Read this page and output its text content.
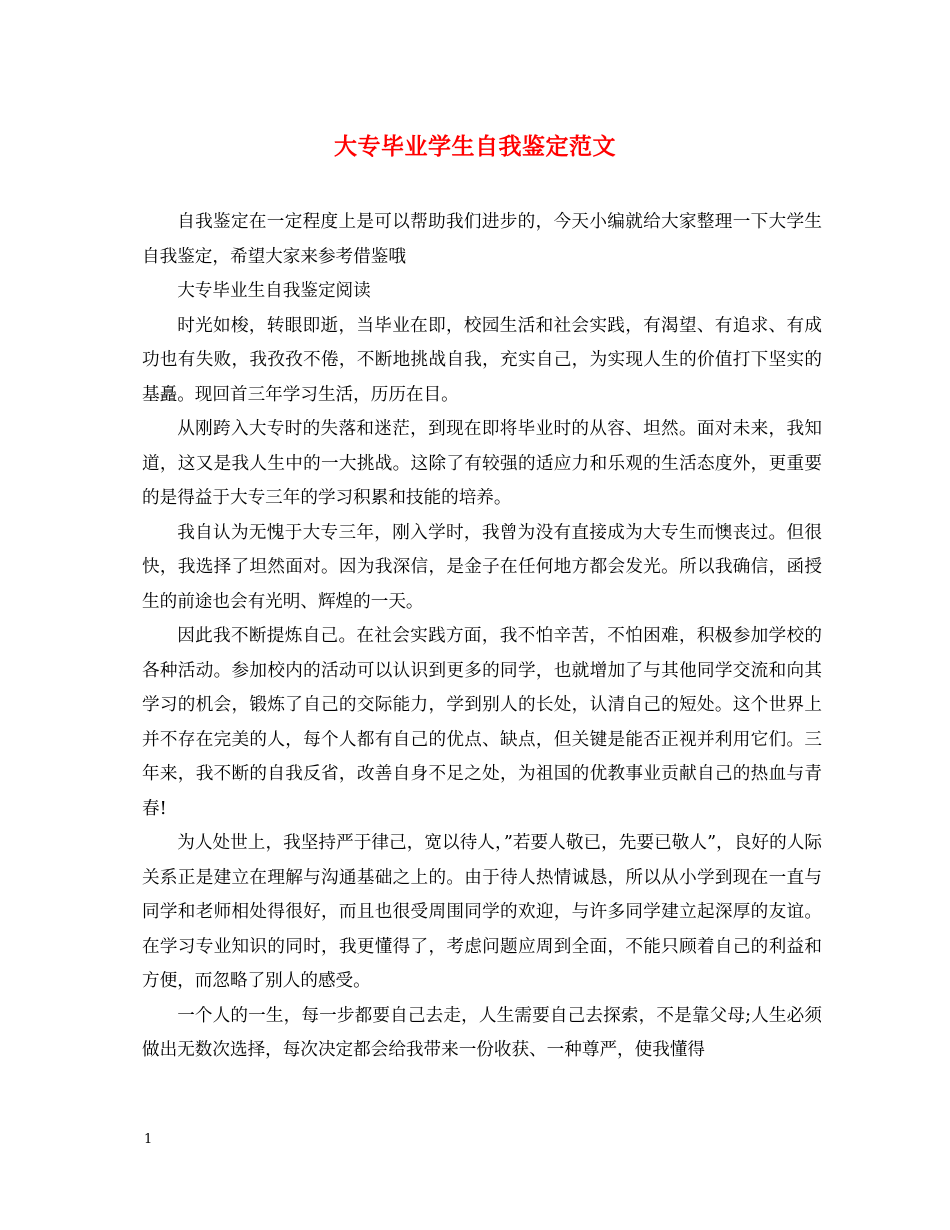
大专毕业学生自我鉴定范文

自我鉴定在一定程度上是可以帮助我们进步的，今天小编就给大家整理一下大学生自我鉴定，希望大家来参考借鉴哦

大专毕业生自我鉴定阅读

时光如梭，转眼即逝，当毕业在即，校园生活和社会实践，有渴望、有追求、有成功也有失败，我孜孜不倦，不断地挑战自我，充实自己，为实现人生的价值打下坚实的基矗。现回首三年学习生活，历历在目。

从刚跨入大专时的失落和迷茫，到现在即将毕业时的从容、坦然。面对未来，我知道，这又是我人生中的一大挑战。这除了有较强的适应力和乐观的生活态度外，更重要的是得益于大专三年的学习积累和技能的培养。

我自认为无愧于大专三年，刚入学时，我曾为没有直接成为大专生而懊丧过。但很快，我选择了坦然面对。因为我深信，是金子在任何地方都会发光。所以我确信，函授生的前途也会有光明、辉煌的一天。

因此我不断提炼自己。在社会实践方面，我不怕辛苦，不怕困难，积极参加学校的各种活动。参加校内的活动可以认识到更多的同学，也就增加了与其他同学交流和向其学习的机会，锻炼了自己的交际能力，学到别人的长处，认清自己的短处。这个世界上并不存在完美的人，每个人都有自己的优点、缺点，但关键是能否正视并利用它们。三年来，我不断的自我反省，改善自身不足之处，为祖国的优教事业贡献自己的热血与青春!

为人处世上，我坚持严于律己，宽以待人，”若要人敬已，先要已敬人”，良好的人际关系正是建立在理解与沟通基础之上的。由于待人热情诚恳，所以从小学到现在一直与同学和老师相处得很好，而且也很受周围同学的欢迎，与许多同学建立起深厚的友谊。在学习专业知识的同时，我更懂得了，考虑问题应周到全面，不能只顾着自己的利益和方便，而忽略了别人的感受。

一个人的一生，每一步都要自己去走，人生需要自己去探索，不是靠父母;人生必须做出无数次选择，每次决定都会给我带来一份收获、一种尊严，使我懂得

1
